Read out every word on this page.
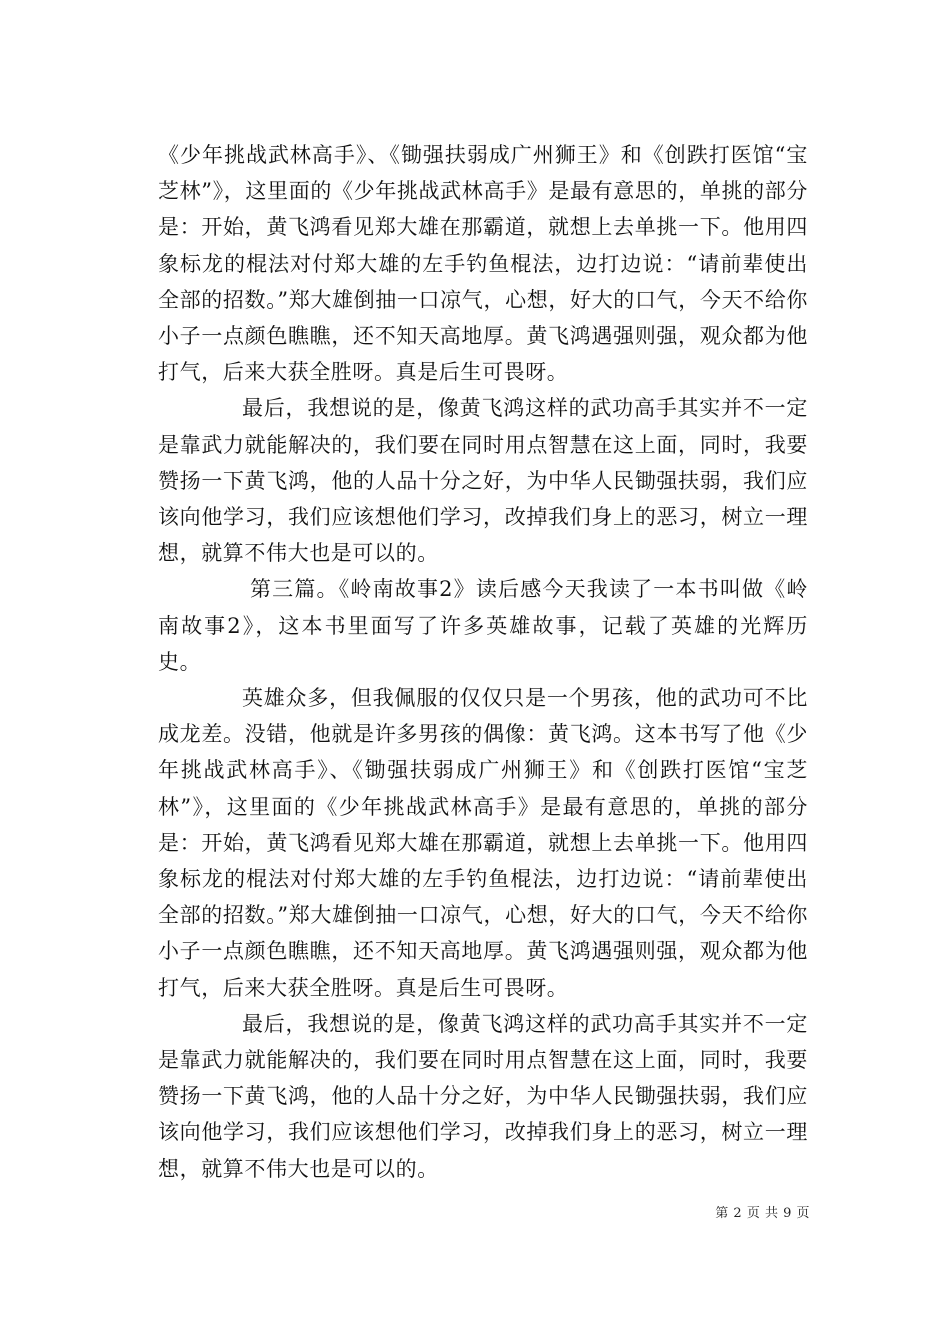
《少年挑战武林高手》、《锄强扶弱成广州狮王》和《创跌打医馆“宝芝林”》，这里面的《少年挑战武林高手》是最有意思的，单挑的部分是：开始，黄飞鸿看见郑大雄在那霸道，就想上去单挑一下。他用四象标龙的棍法对付郑大雄的左手钓鱼棍法，边打边说：“请前辈使出全部的招数。”郑大雄倒抽一口凉气，心想，好大的口气，今天不给你小子一点颜色瞧瞧，还不知天高地厚。黄飞鸿遇强则强，观众都为他打气，后来大获全胜呀。真是后生可畏呀。

最后，我想说的是，像黄飞鸿这样的武功高手其实并不一定是靠武力就能解决的，我们要在同时用点智慧在这上面，同时，我要赞扬一下黄飞鸿，他的人品十分之好，为中华人民锄强扶弱，我们应该向他学习，我们应该想他们学习，改掉我们身上的恶习，树立一理想，就算不伟大也是可以的。

第三篇。《岭南故事2》读后感今天我读了一本书叫做《岭南故事2》，这本书里面写了许多英雄故事，记载了英雄的光辉历史。

英雄众多，但我佩服的仅仅只是一个男孩，他的武功可不比成龙差。没错，他就是许多男孩的偶像：黄飞鸿。这本书写了他《少年挑战武林高手》、《锄强扶弱成广州狮王》和《创跌打医馆“宝芝林”》，这里面的《少年挑战武林高手》是最有意思的，单挑的部分是：开始，黄飞鸿看见郑大雄在那霸道，就想上去单挑一下。他用四象标龙的棍法对付郑大雄的左手钓鱼棍法，边打边说：“请前辈使出全部的招数。”郑大雄倒抽一口凉气，心想，好大的口气，今天不给你小子一点颜色瞧瞧，还不知天高地厚。黄飞鸿遇强则强，观众都为他打气，后来大获全胜呀。真是后生可畏呀。

最后，我想说的是，像黄飞鸿这样的武功高手其实并不一定是靠武力就能解决的，我们要在同时用点智慧在这上面，同时，我要赞扬一下黄飞鸿，他的人品十分之好，为中华人民锄强扶弱，我们应该向他学习，我们应该想他们学习，改掉我们身上的恶习，树立一理想，就算不伟大也是可以的。

第 2 页 共 9 页
